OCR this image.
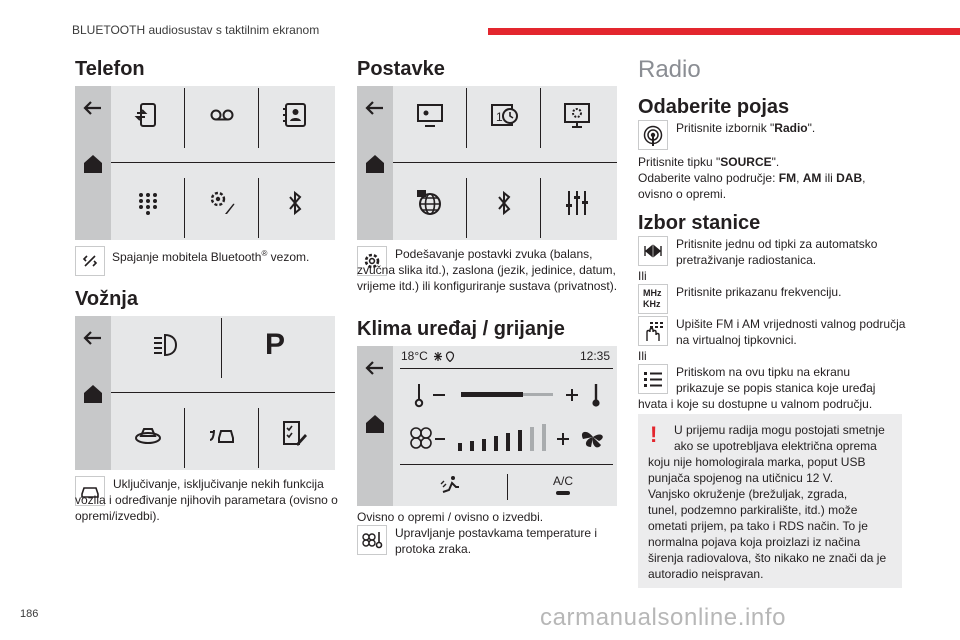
BLUETOOTH audiosustav s taktilnim ekranom
Telefon
Spajanje mobitela Bluetooth® vezom.
Vožnja
P
Uključivanje, isključivanje nekih funkcija vozila i određivanje njihovih parametara (ovisno o opremi/izvedbi).
Postavke
1
Podešavanje postavki zvuka (balans, zvučna slika itd.), zaslona (jezik, jedinice, datum, vrijeme itd.) ili konfiguriranje sustava (privatnost).
Klima uređaj / grijanje
18°C	12:35
A/C
Ovisno o opremi / ovisno o izvedbi.
Upravljanje postavkama temperature i protoka zraka.
Radio
Odaberite pojas
Pritisnite izbornik "Radio".
Pritisnite tipku "SOURCE".
Odaberite valno područje: FM, AM ili DAB,
ovisno o opremi.
Izbor stanice
Pritisnite jednu od tipki za automatsko pretraživanje radiostanica.
Ili
MHz
KHz
Pritisnite prikazanu frekvenciju.
Upišite FM i AM vrijednosti valnog područja na virtualnoj tipkovnici.
Ili
Pritiskom na ovu tipku na ekranu
prikazuje se popis stanica koje uređaj
hvata i koje su dostupne u valnom području.
! U prijemu radija mogu postojati smetnje
ako se upotrebljava električna oprema
koju nije homologirala marka, poput USB
punjača spojenog na utičnicu 12 V.
Vanjsko okruženje (brežuljak, zgrada,
tunel, podzemno parkiralište, itd.) može
ometati prijem, pa tako i RDS način. To je
normalna pojava koja proizlazi iz načina
širenja radiovalova, što nikako ne znači da je
autoradio neispravan.
186	carmanualsonline.info
